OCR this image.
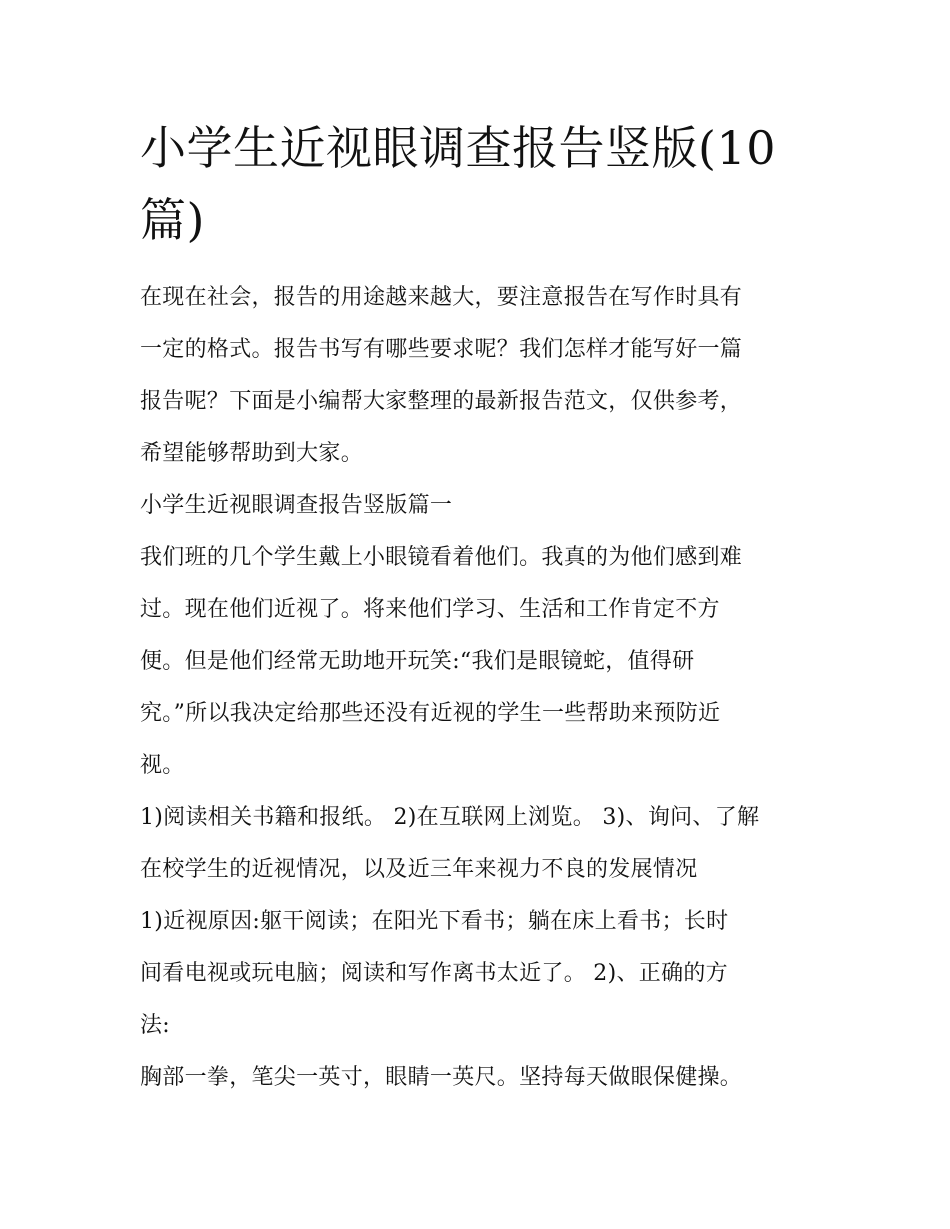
小学生近视眼调查报告竖版(10
篇)

在现在社会，报告的用途越来越大，要注意报告在写作时具有
一定的格式。报告书写有哪些要求呢？我们怎样才能写好一篇
报告呢？下面是小编帮大家整理的最新报告范文，仅供参考，
希望能够帮助到大家。

小学生近视眼调查报告竖版篇一

我们班的几个学生戴上小眼镜看着他们。我真的为他们感到难
过。现在他们近视了。将来他们学习、生活和工作肯定不方
便。但是他们经常无助地开玩笑:“我们是眼镜蛇，值得研
究。”所以我决定给那些还没有近视的学生一些帮助来预防近
视。

1)阅读相关书籍和报纸。 2)在互联网上浏览。 3)、询问、了解
在校学生的近视情况，以及近三年来视力不良的发展情况

1)近视原因:躯干阅读；在阳光下看书；躺在床上看书；长时
间看电视或玩电脑；阅读和写作离书太近了。 2)、正确的方
法:

胸部一拳，笔尖一英寸，眼睛一英尺。坚持每天做眼保健操。
